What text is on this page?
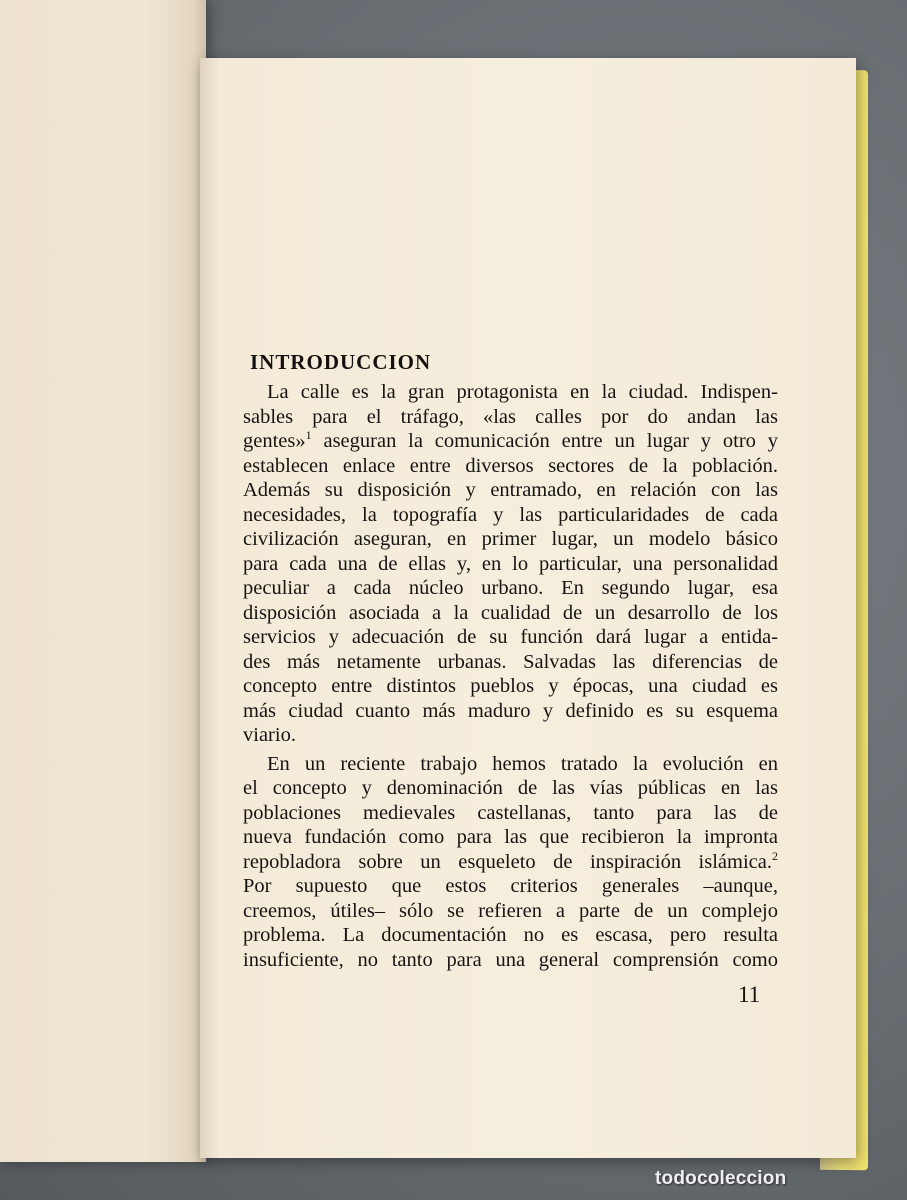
INTRODUCCION
La calle es la gran protagonista en la ciudad. Indispen-
sables para el tráfago, «las calles por do andan las
gentes»$^1$ aseguran la comunicación entre un lugar y otro y
establecen enlace entre diversos sectores de la población.
Además su disposición y entramado, en relación con las
necesidades, la topografía y las particularidades de cada
civilización aseguran, en primer lugar, un modelo básico
para cada una de ellas y, en lo particular, una personalidad
peculiar a cada núcleo urbano. En segundo lugar, esa
disposición asociada a la cualidad de un desarrollo de los
servicios y adecuación de su función dará lugar a entida-
des más netamente urbanas. Salvadas las diferencias de
concepto entre distintos pueblos y épocas, una ciudad es
más ciudad cuanto más maduro y definido es su esquema
viario.
En un reciente trabajo hemos tratado la evolución en
el concepto y denominación de las vías públicas en las
poblaciones medievales castellanas, tanto para las de
nueva fundación como para las que recibieron la impronta
repobladora sobre un esqueleto de inspiración islámica.$^2$
Por supuesto que estos criterios generales –aunque,
creemos, útiles– sólo se refieren a parte de un complejo
problema. La documentación no es escasa, pero resulta
insuficiente, no tanto para una general comprensión como
11
todocoleccion
